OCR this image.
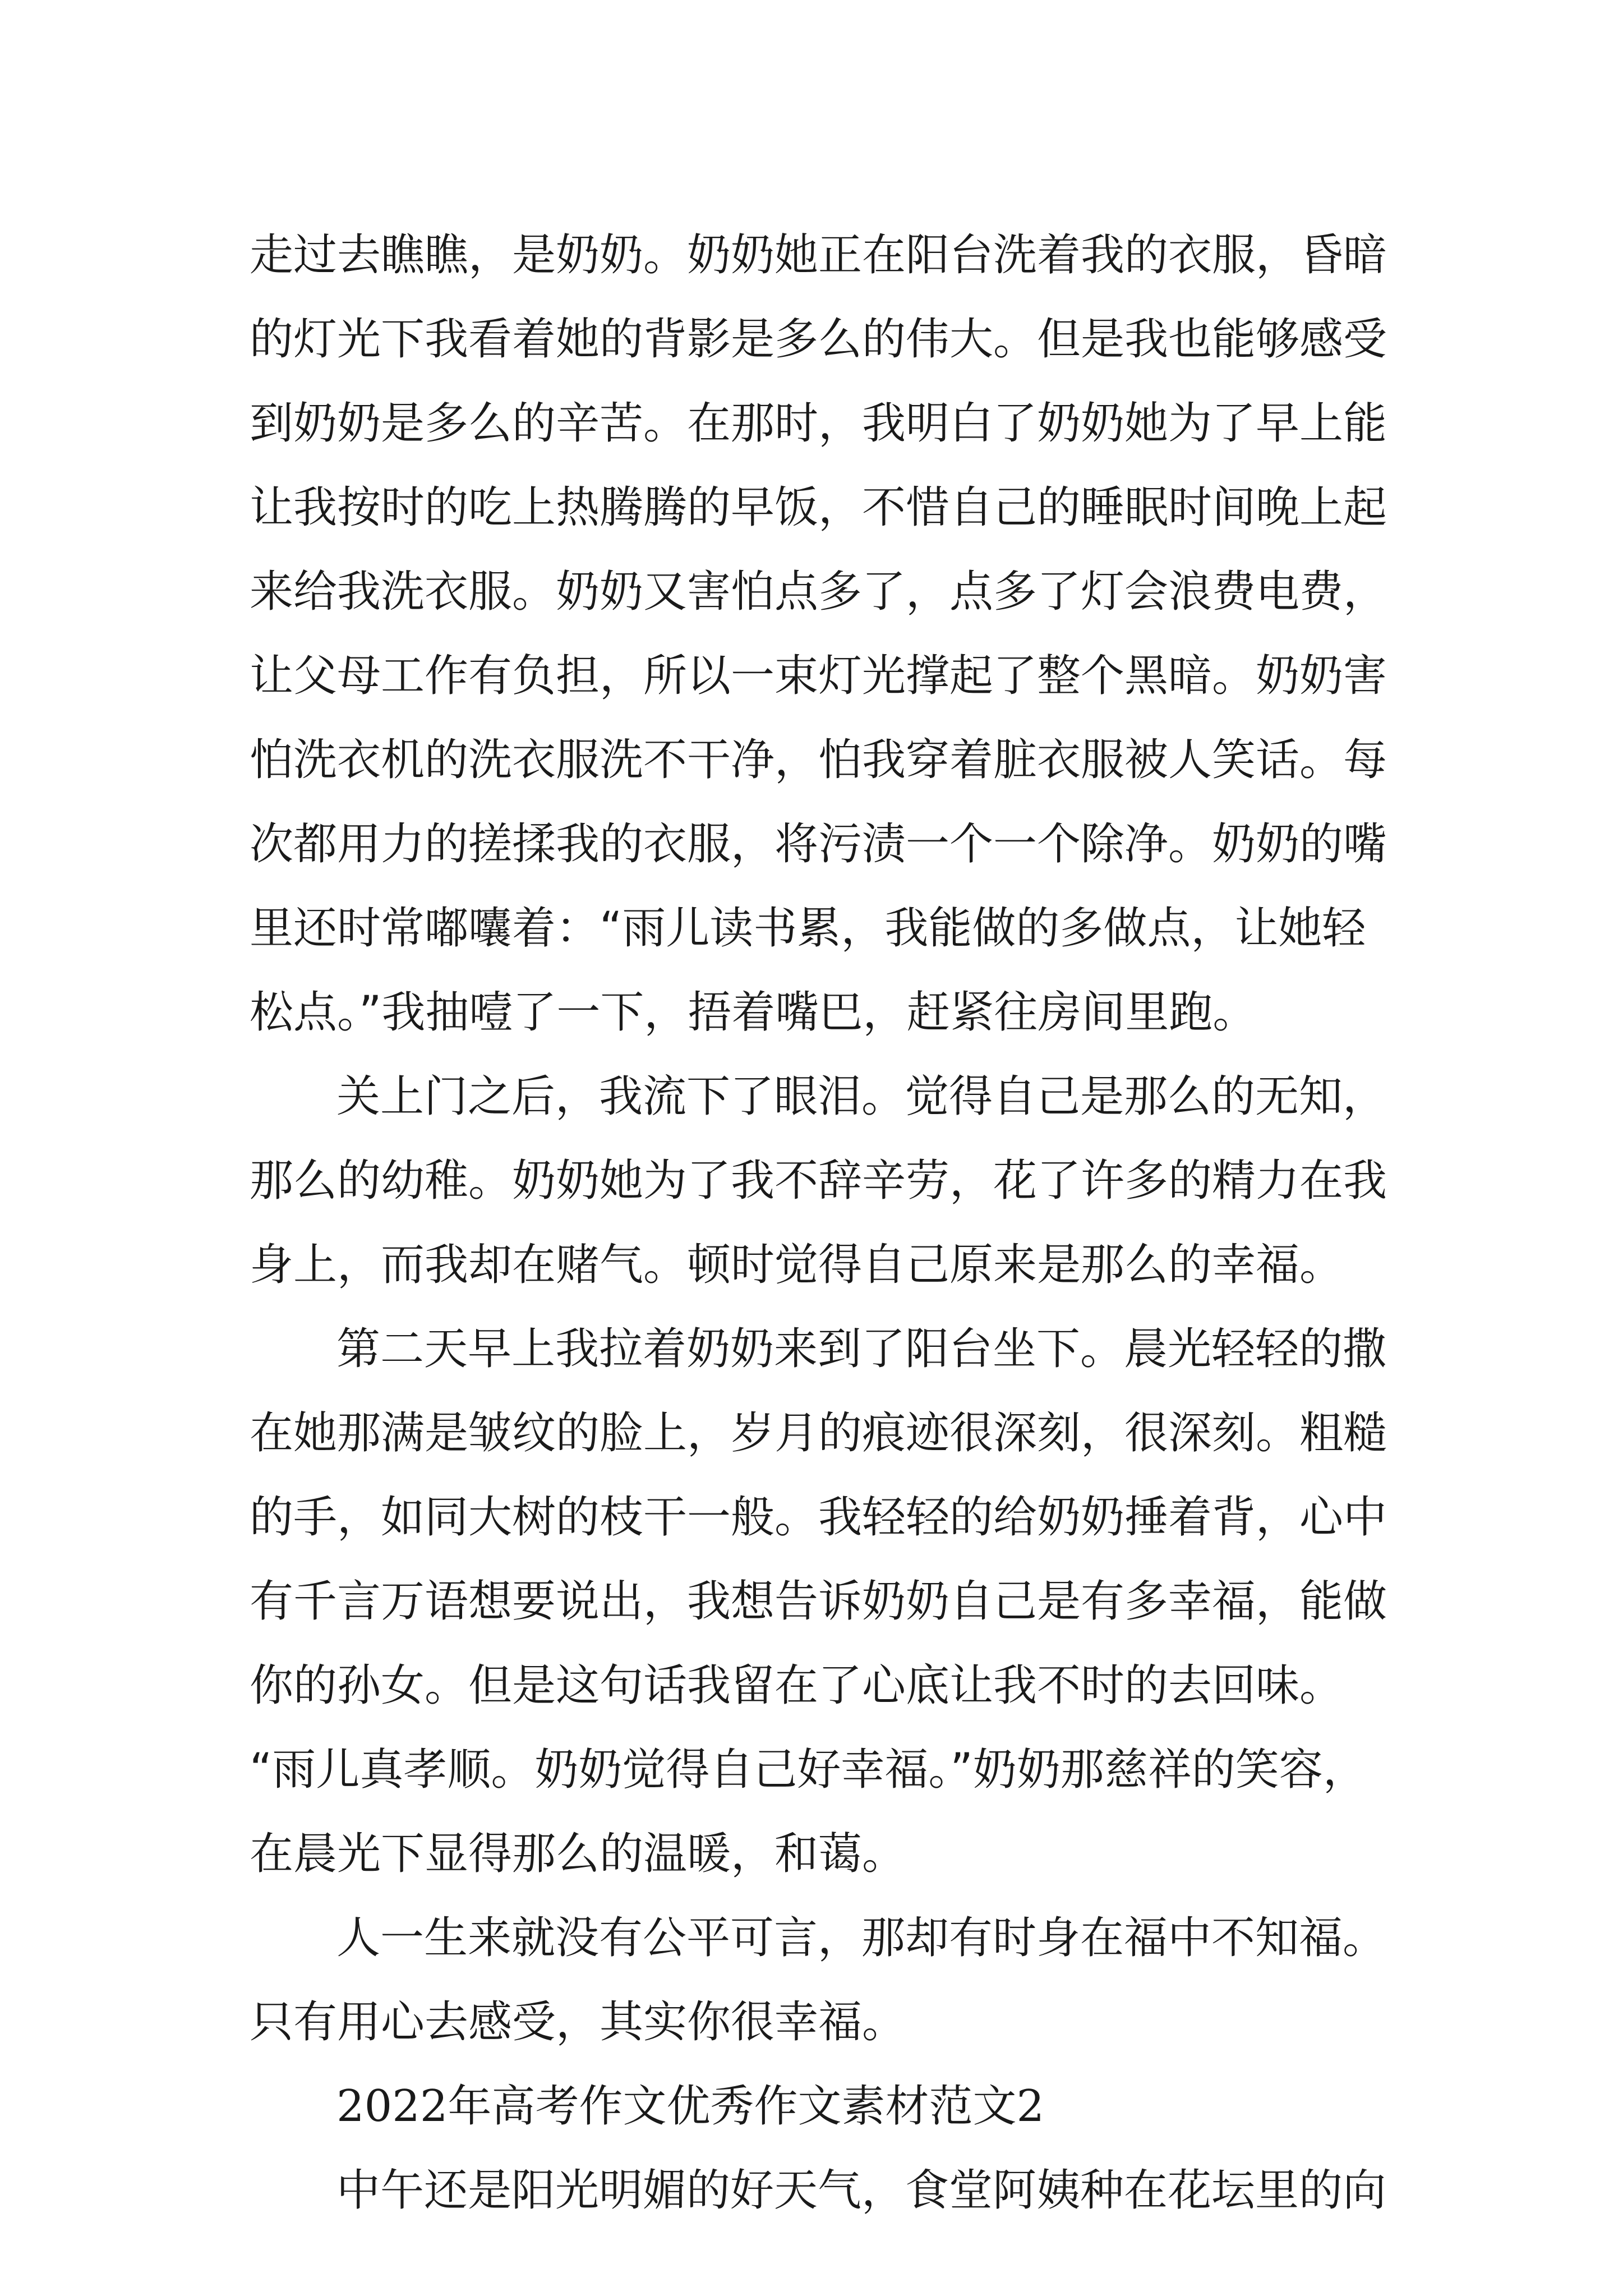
走过去瞧瞧，是奶奶。奶奶她正在阳台洗着我的衣服，昏暗
的灯光下我看着她的背影是多么的伟大。但是我也能够感受
到奶奶是多么的辛苦。在那时，我明白了奶奶她为了早上能
让我按时的吃上热腾腾的早饭，不惜自己的睡眠时间晚上起
来给我洗衣服。奶奶又害怕点多了，点多了灯会浪费电费，
让父母工作有负担，所以一束灯光撑起了整个黑暗。奶奶害
怕洗衣机的洗衣服洗不干净，怕我穿着脏衣服被人笑话。每
次都用力的搓揉我的衣服，将污渍一个一个除净。奶奶的嘴
里还时常嘟囔着：“雨儿读书累，我能做的多做点，让她轻
松点。”我抽噎了一下，捂着嘴巴，赶紧往房间里跑。
关上门之后，我流下了眼泪。觉得自己是那么的无知，
那么的幼稚。奶奶她为了我不辞辛劳，花了许多的精力在我
身上，而我却在赌气。顿时觉得自己原来是那么的幸福。
第二天早上我拉着奶奶来到了阳台坐下。晨光轻轻的撒
在她那满是皱纹的脸上，岁月的痕迹很深刻，很深刻。粗糙
的手，如同大树的枝干一般。我轻轻的给奶奶捶着背，心中
有千言万语想要说出，我想告诉奶奶自己是有多幸福，能做
你的孙女。但是这句话我留在了心底让我不时的去回味。
“雨儿真孝顺。奶奶觉得自己好幸福。”奶奶那慈祥的笑容，
在晨光下显得那么的温暖，和蔼。
人一生来就没有公平可言，那却有时身在福中不知福。
只有用心去感受，其实你很幸福。
2022年高考作文优秀作文素材范文2
中午还是阳光明媚的好天气，食堂阿姨种在花坛里的向
